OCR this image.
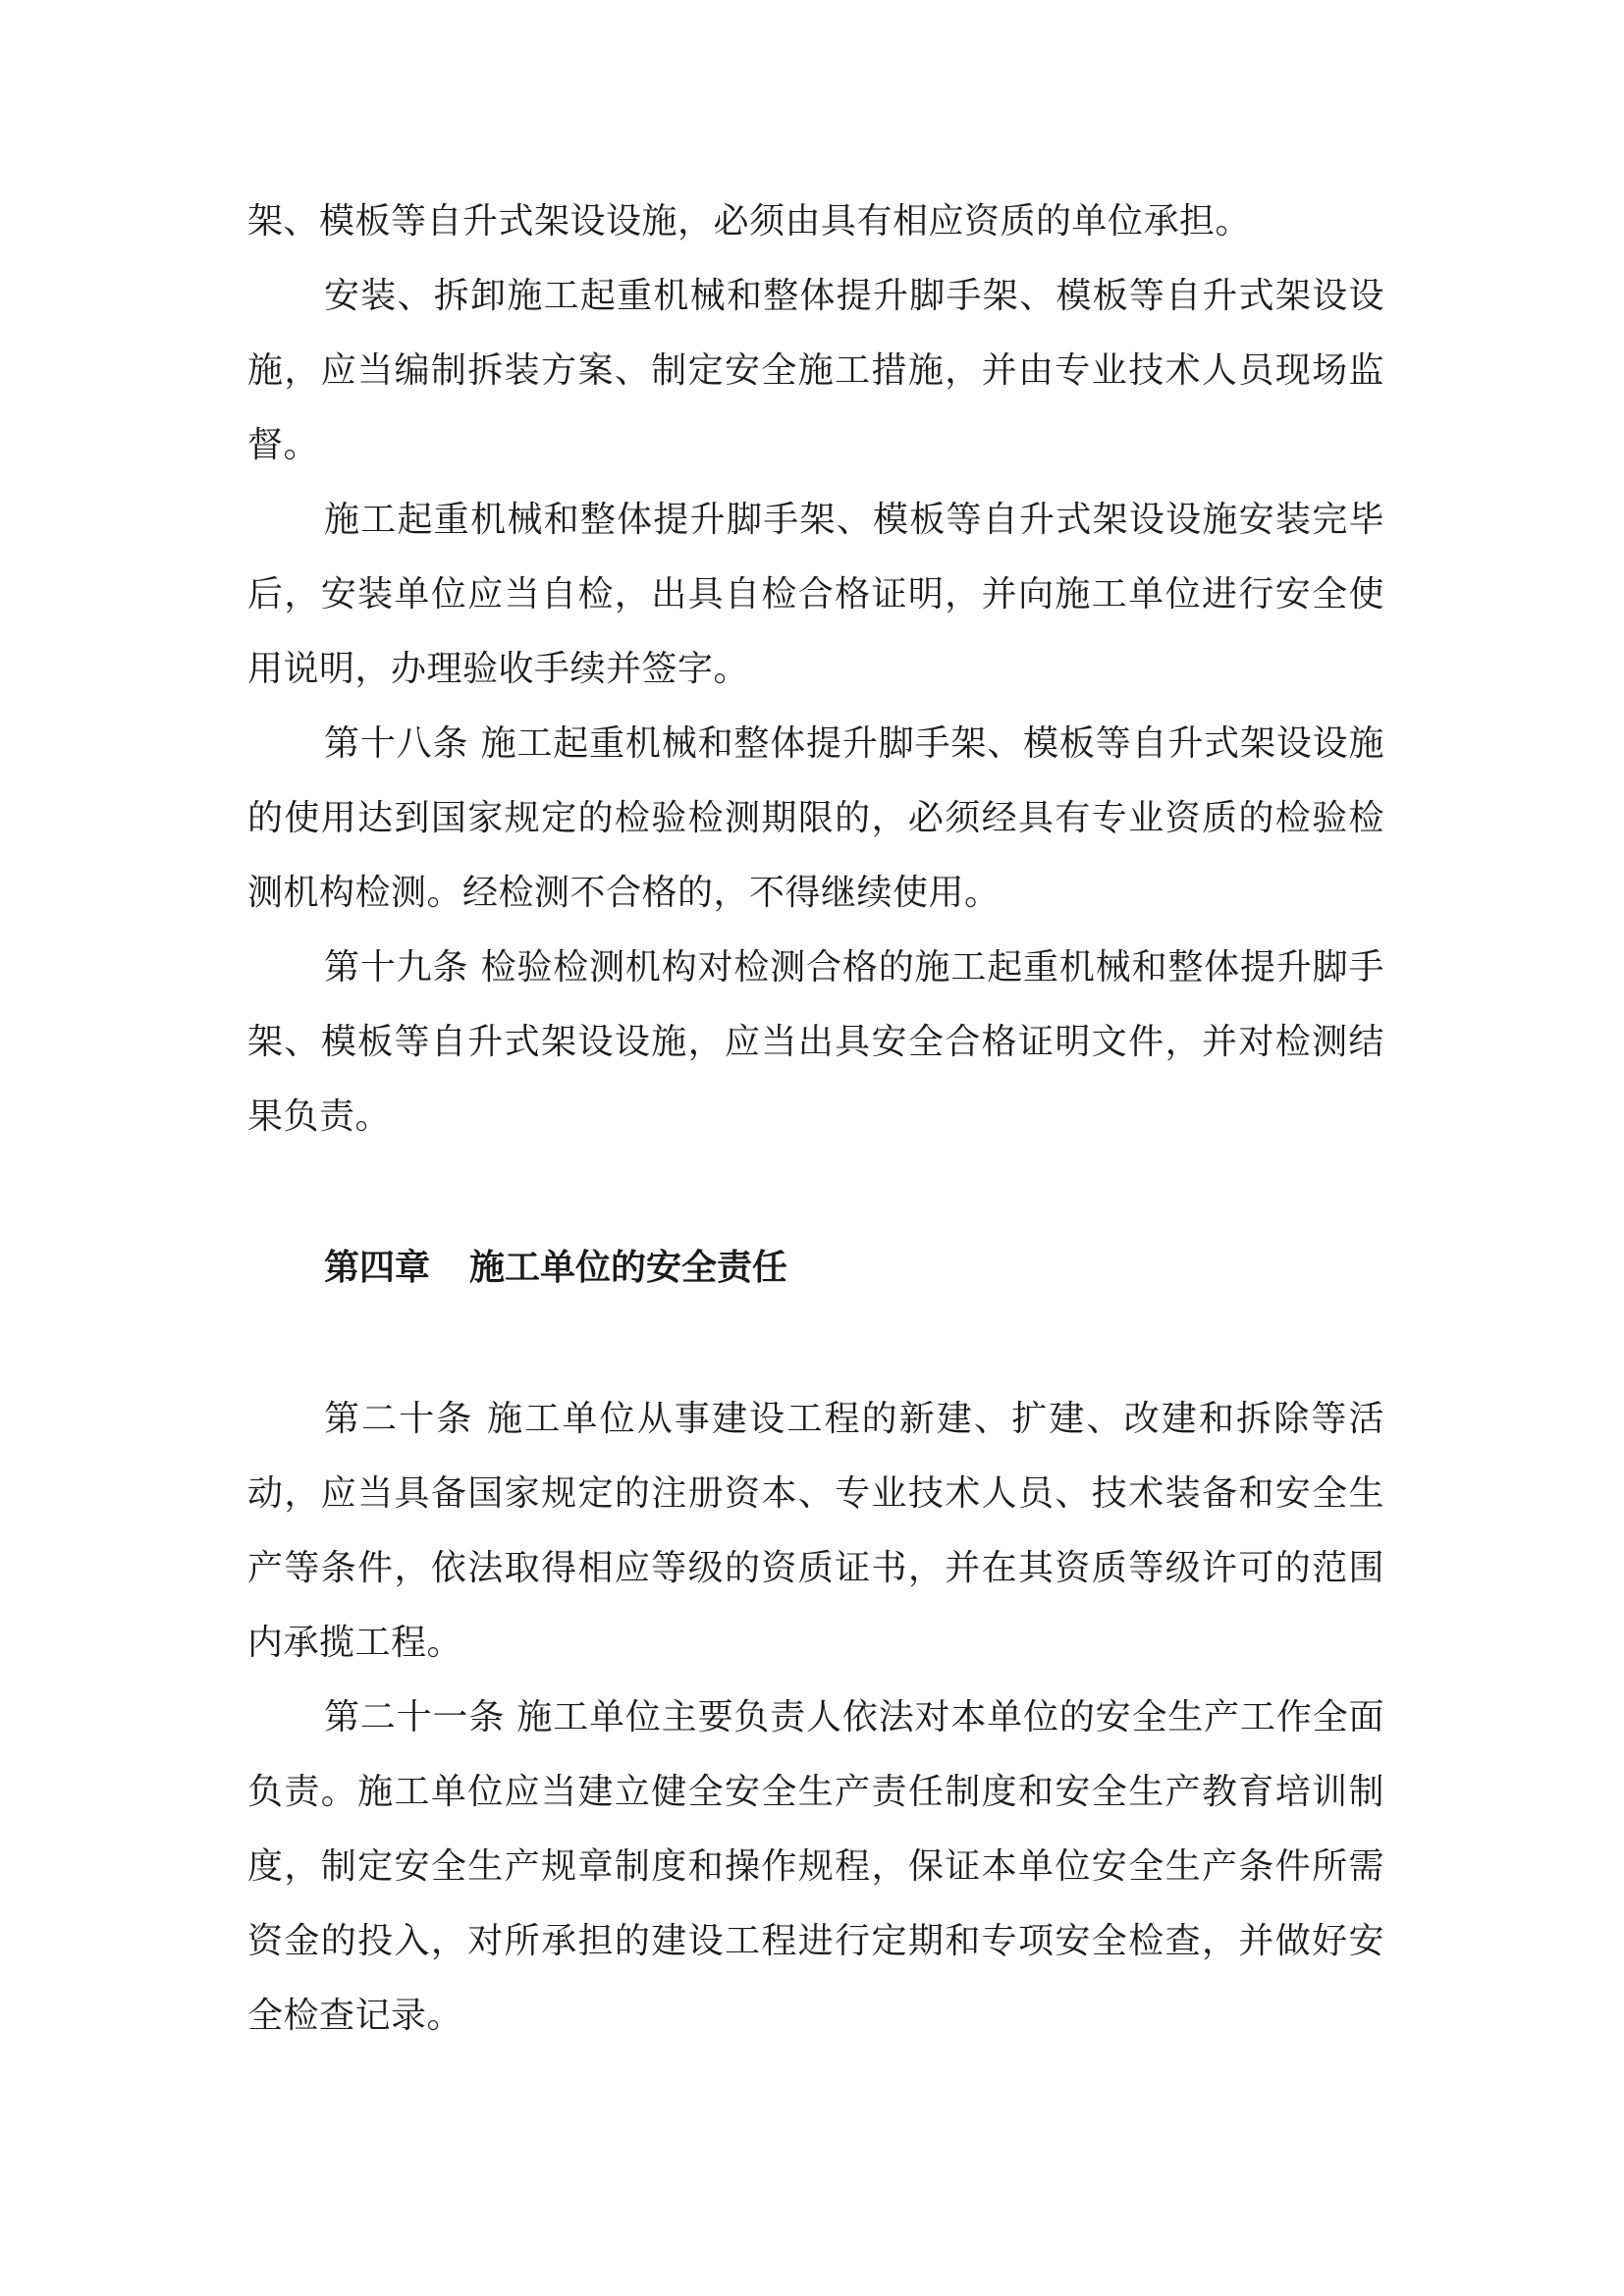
架、模板等自升式架设设施，必须由具有相应资质的单位承担。

安装、拆卸施工起重机械和整体提升脚手架、模板等自升式架设设施，应当编制拆装方案、制定安全施工措施，并由专业技术人员现场监督。

施工起重机械和整体提升脚手架、模板等自升式架设设施安装完毕后，安装单位应当自检，出具自检合格证明，并向施工单位进行安全使用说明，办理验收手续并签字。

第十八条 施工起重机械和整体提升脚手架、模板等自升式架设设施的使用达到国家规定的检验检测期限的，必须经具有专业资质的检验检测机构检测。经检测不合格的，不得继续使用。

第十九条 检验检测机构对检测合格的施工起重机械和整体提升脚手架、模板等自升式架设设施，应当出具安全合格证明文件，并对检测结果负责。

第四章 施工单位的安全责任

第二十条 施工单位从事建设工程的新建、扩建、改建和拆除等活动，应当具备国家规定的注册资本、专业技术人员、技术装备和安全生产等条件，依法取得相应等级的资质证书，并在其资质等级许可的范围内承揽工程。

第二十一条 施工单位主要负责人依法对本单位的安全生产工作全面负责。施工单位应当建立健全安全生产责任制度和安全生产教育培训制度，制定安全生产规章制度和操作规程，保证本单位安全生产条件所需资金的投入，对所承担的建设工程进行定期和专项安全检查，并做好安全检查记录。
